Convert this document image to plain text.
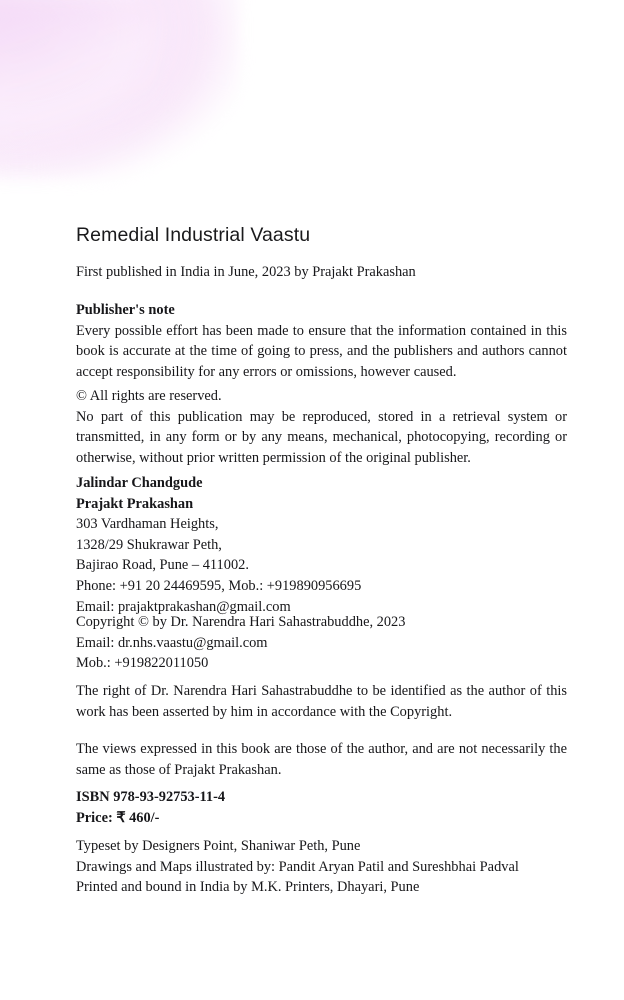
Remedial Industrial Vaastu
First published in India in June, 2023 by Prajakt Prakashan
Publisher's note

Every possible effort has been made to ensure that the information contained in this book is accurate at the time of going to press, and the publishers and authors cannot accept responsibility for any errors or omissions, however caused.

© All rights are reserved.

No part of this publication may be reproduced, stored in a retrieval system or transmitted, in any form or by any means, mechanical, photocopying, recording or otherwise, without prior written permission of the original publisher.

Jalindar Chandgude
Prajakt Prakashan
303 Vardhaman Heights,
1328/29 Shukrawar Peth,
Bajirao Road, Pune – 411002.
Phone: +91 20 24469595, Mob.: +919890956695
Email: prajaktprakashan@gmail.com
Copyright © by Dr. Narendra Hari Sahastrabuddhe, 2023
Email: dr.nhs.vaastu@gmail.com
Mob.: +919822011050

The right of Dr. Narendra Hari Sahastrabuddhe to be identified as the author of this work has been asserted by him in accordance with the Copyright.

The views expressed in this book are those of the author, and are not necessarily the same as those of Prajakt Prakashan.

ISBN 978-93-92753-11-4
Price: ₹ 460/-
Typeset by Designers Point, Shaniwar Peth, Pune
Drawings and Maps illustrated by: Pandit Aryan Patil and Sureshbhai Padval
Printed and bound in India by M.K. Printers, Dhayari, Pune
